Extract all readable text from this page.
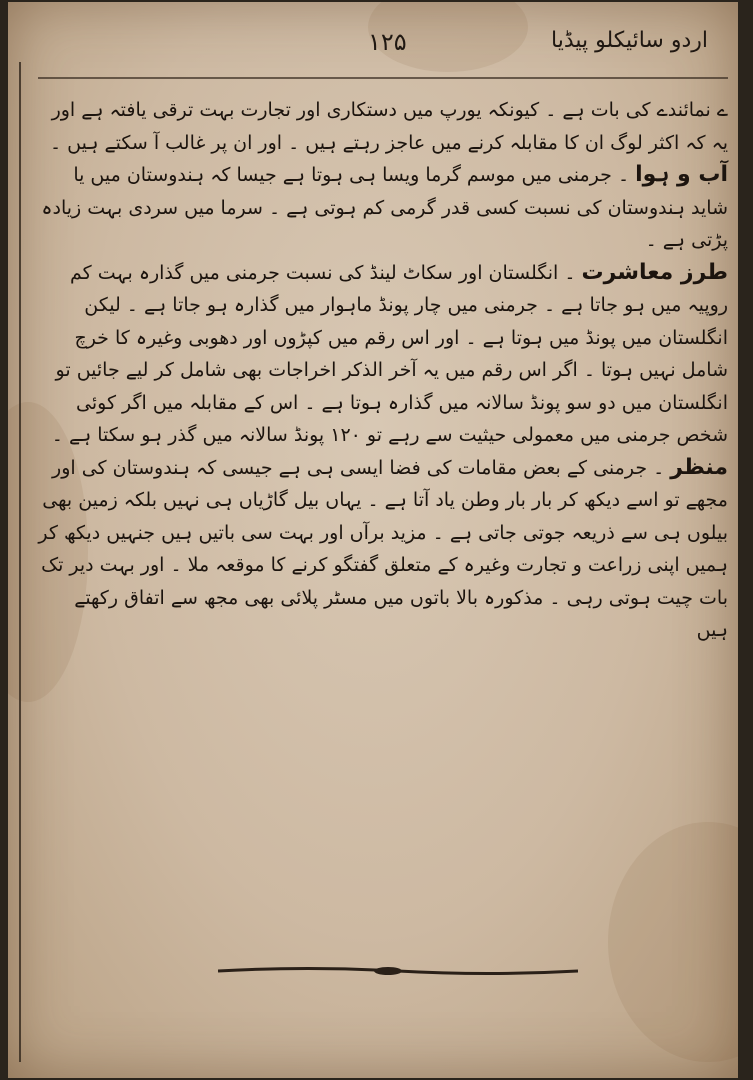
اردو سائیکلو پیڈیا
۱۲۵

ے نمائندے کی بات ہے ۔ کیونکہ یورپ میں دستکاری اور تجارت بہت ترقی یافتہ ہے اور یہ کہ اکثر لوگ ان کا مقابلہ کرنے میں عاجز رہتے ہیں ۔ اور ان پر غالب آ سکتے ہیں ۔

آب و ہوا ۔ جرمنی میں موسم گرما ویسا ہی ہوتا ہے جیسا کہ ہندوستان میں یا شاید ہندوستان کی نسبت کسی قدر گرمی کم ہوتی ہے ۔ سرما میں سردی بہت زیادہ پڑتی ہے ۔

طرز معاشرت ۔ انگلستان اور سکاٹ لینڈ کی نسبت جرمنی میں گذارہ بہت کم روپیہ میں ہو جاتا ہے ۔ جرمنی میں چار پونڈ ماہوار میں گذارہ ہو جاتا ہے ۔ لیکن انگلستان میں پونڈ میں ہوتا ہے ۔ اور اس رقم میں کپڑوں اور دھوبی وغیرہ کا خرچ شامل نہیں ہوتا ۔ اگر اس رقم میں یہ آخر الذکر اخراجات بھی شامل کر لیے جائیں تو انگلستان میں دو سو پونڈ سالانہ میں گذارہ ہوتا ہے ۔ اس کے مقابلہ میں اگر کوئی شخص جرمنی میں معمولی حیثیت سے رہے تو ۱۲۰ پونڈ سالانہ میں گذر ہو سکتا ہے ۔

منظر ۔ جرمنی کے بعض مقامات کی فضا ایسی ہی ہے جیسی کہ ہندوستان کی اور مجھے تو اسے دیکھ کر بار بار وطن یاد آتا ہے ۔ یہاں بیل گاڑیاں ہی نہیں بلکہ زمین بھی بیلوں ہی سے ذریعہ جوتی جاتی ہے ۔ مزید برآں اور بہت سی باتیں ہیں جنہیں دیکھ کر ہمیں اپنی زراعت و تجارت وغیرہ کے متعلق گفتگو کرنے کا موقعہ ملا ۔ اور بہت دیر تک بات چیت ہوتی رہی ۔ مذکورہ بالا باتوں میں مسٹر پلائی بھی مجھ سے اتفاق رکھتے ہیں
